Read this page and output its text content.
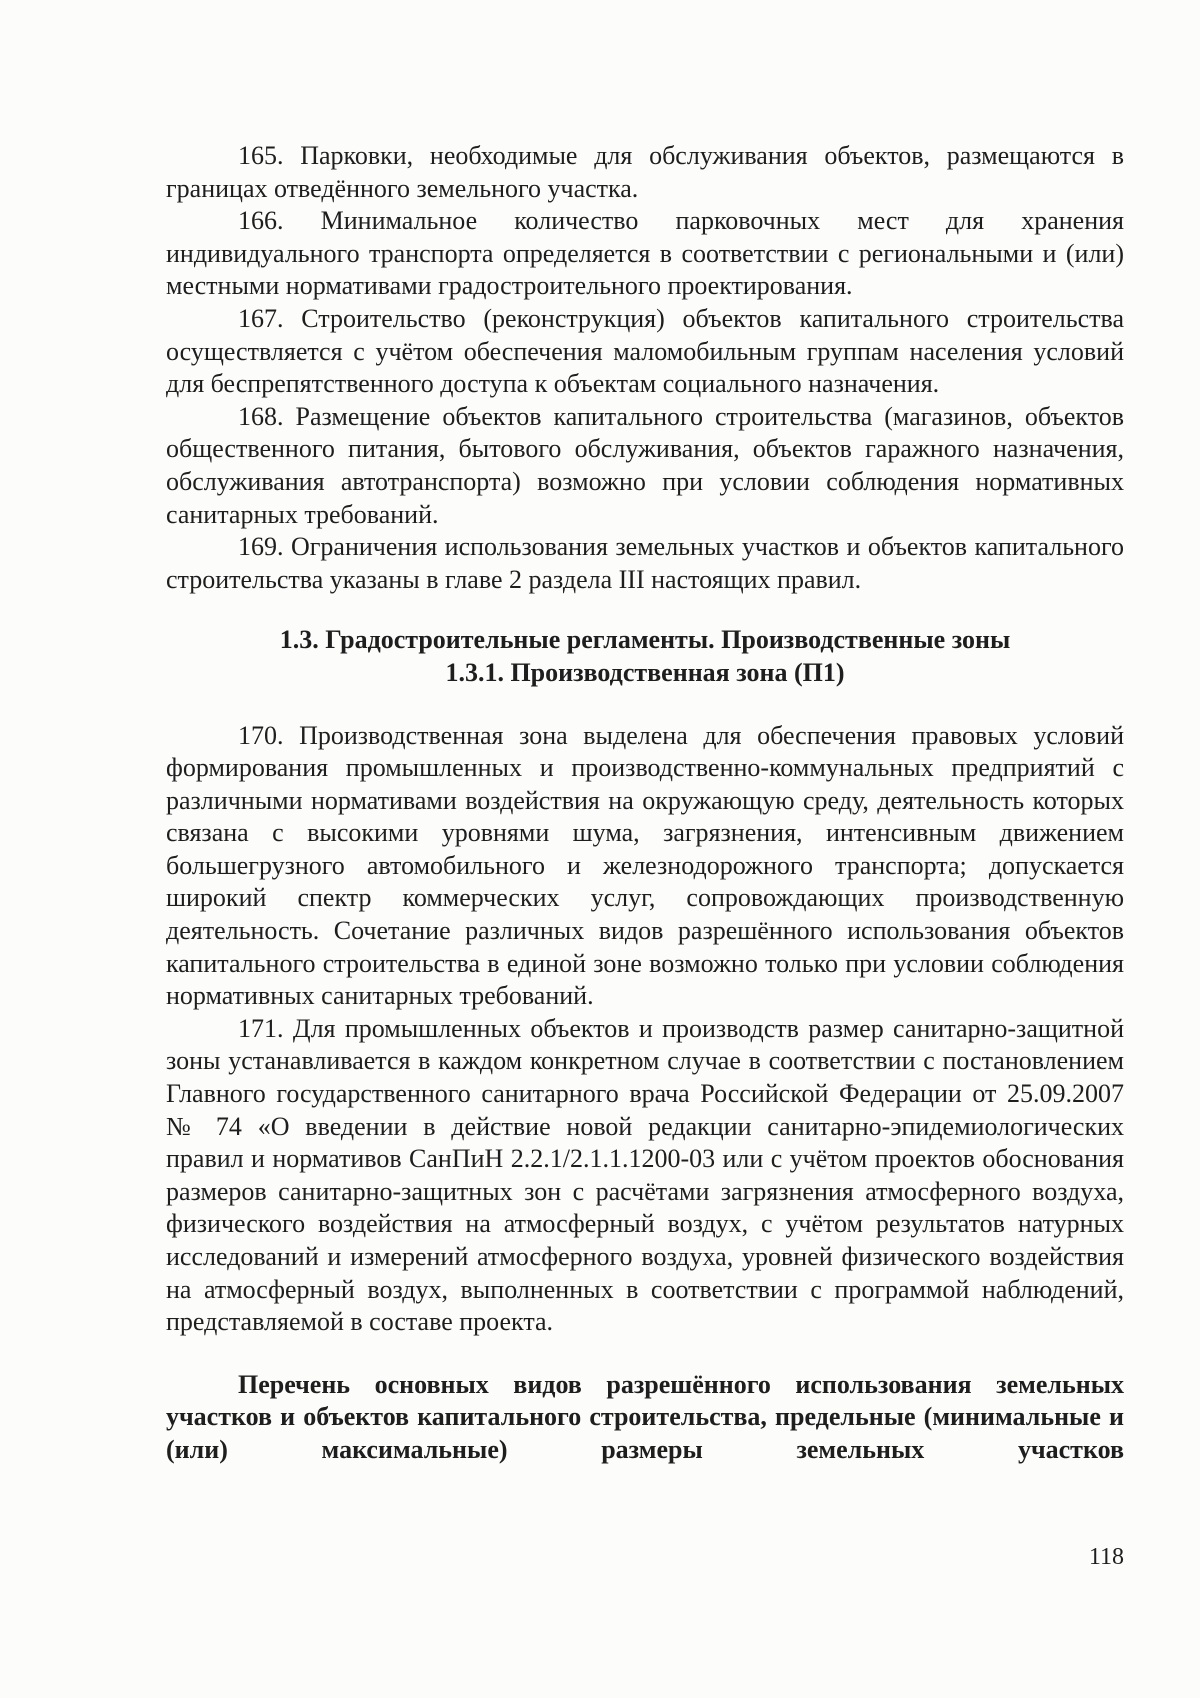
165. Парковки, необходимые для обслуживания объектов, размещаются в границах отведённого земельного участка.

166. Минимальное количество парковочных мест для хранения индивидуального транспорта определяется в соответствии с региональными и (или) местными нормативами градостроительного проектирования.

167. Строительство (реконструкция) объектов капитального строительства осуществляется с учётом обеспечения маломобильным группам населения условий для беспрепятственного доступа к объектам социального назначения.

168. Размещение объектов капитального строительства (магазинов, объектов общественного питания, бытового обслуживания, объектов гаражного назначения, обслуживания автотранспорта) возможно при условии соблюдения нормативных санитарных требований.

169. Ограничения использования земельных участков и объектов капитального строительства указаны в главе 2 раздела III настоящих правил.

1.3. Градостроительные регламенты. Производственные зоны

1.3.1. Производственная зона (П1)

170. Производственная зона выделена для обеспечения правовых условий формирования промышленных и производственно-коммунальных предприятий с различными нормативами воздействия на окружающую среду, деятельность которых связана с высокими уровнями шума, загрязнения, интенсивным движением большегрузного автомобильного и железнодорожного транспорта; допускается широкий спектр коммерческих услуг, сопровождающих производственную деятельность. Сочетание различных видов разрешённого использования объектов капитального строительства в единой зоне возможно только при условии соблюдения нормативных санитарных требований.

171. Для промышленных объектов и производств размер санитарно-защитной зоны устанавливается в каждом конкретном случае в соответствии с постановлением Главного государственного санитарного врача Российской Федерации от 25.09.2007 № 74 «О введении в действие новой редакции санитарно-эпидемиологических правил и нормативов СанПиН 2.2.1/2.1.1.1200-03 или с учётом проектов обоснования размеров санитарно-защитных зон с расчётами загрязнения атмосферного воздуха, физического воздействия на атмосферный воздух, с учётом результатов натурных исследований и измерений атмосферного воздуха, уровней физического воздействия на атмосферный воздух, выполненных в соответствии с программой наблюдений, представляемой в составе проекта.

Перечень основных видов разрешённого использования земельных участков и объектов капитального строительства, предельные (минимальные и (или) максимальные) размеры земельных участков

118
